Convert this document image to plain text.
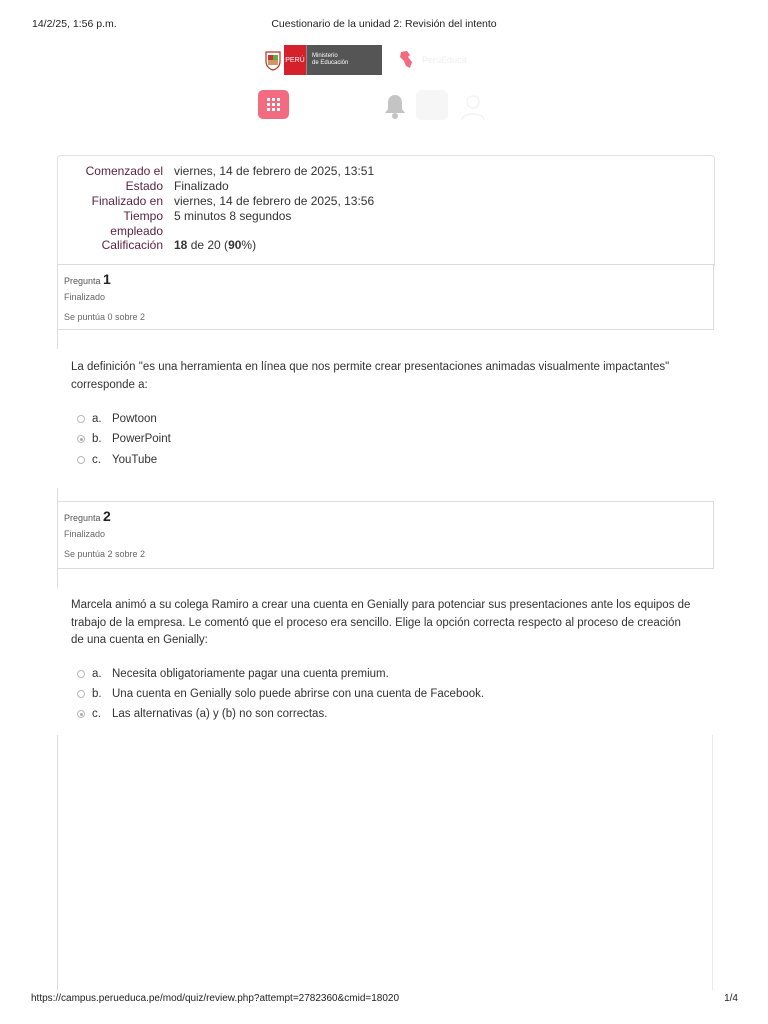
14/2/25, 1:56 p.m.	Cuestionario de la unidad 2: Revisión del intento
PERÚ
Ministerio
de Educación	PerúEduca
Comenzado el viernes, 14 de febrero de 2025, 13:51
Estado Finalizado
Finalizado en viernes, 14 de febrero de 2025, 13:56
Tiempo
empleado
5 minutos 8 segundos
Calificación 18 de 20 (90%)
Pregunta 1
Finalizado
Se puntúa 0 sobre 2
La definición "es una herramienta en línea que nos permite crear presentaciones animadas visualmente impactantes" corresponde a:
a. Powtoon
b. PowerPoint
c. YouTube
Pregunta 2
Finalizado
Se puntúa 2 sobre 2
Marcela animó a su colega Ramiro a crear una cuenta en Genially para potenciar sus presentaciones ante los equipos de trabajo de la empresa. Le comentó que el proceso era sencillo. Elige la opción correcta respecto al proceso de creación de una cuenta en Genially:
a. Necesita obligatoriamente pagar una cuenta premium.
b. Una cuenta en Genially solo puede abrirse con una cuenta de Facebook.
c. Las alternativas (a) y (b) no son correctas.
https://campus.perueduca.pe/mod/quiz/review.php?attempt=2782360&cmid=18020	1/4
